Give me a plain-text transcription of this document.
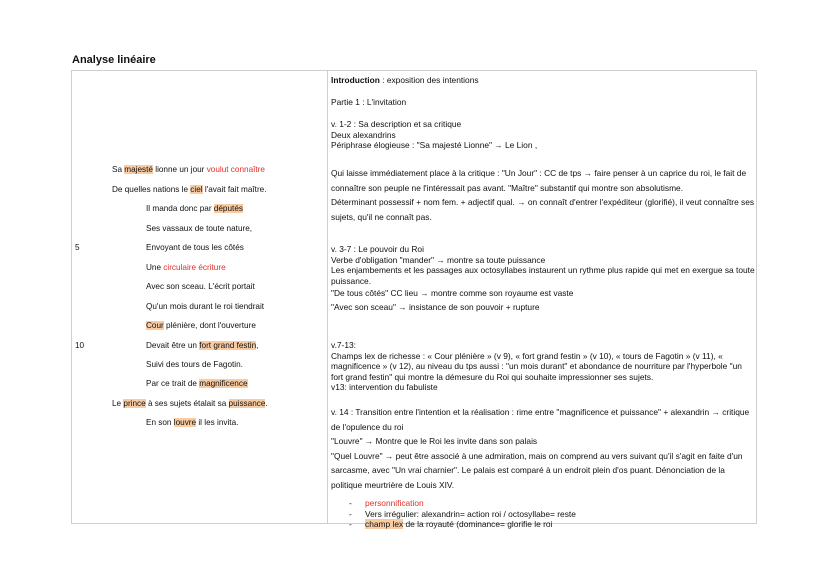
Analyse linéaire
Sa majesté lionne un jour voulut connaître
De quelles nations le ciel l'avait fait maître.
Il manda donc par députés
Ses vassaux de toute nature,
Envoyant de tous les côtés
5
Une circulaire écriture
Avec son sceau. L'écrit portait
Qu'un mois durant le roi tiendrait
Cour plénière, dont l'ouverture
Devait être un fort grand festin,
10
Suivi des tours de Fagotin.
Par ce trait de magnificence
Le prince à ses sujets étalait sa puissance.
En son louvre il les invita.

Introduction : exposition des intentions

Partie 1 : L'invitation

v. 1-2 : Sa description et sa critique

Deux alexandrins

Périphrase élogieuse : "Sa majesté Lionne" → Le Lion ,

Qui laisse immédiatement place à la critique : "Un Jour" : CC de tps → faire penser à un caprice du roi, le fait de connaître son peuple ne l'intéressait pas avant. "Maître" substantif qui montre son absolutisme.

Déterminant possessif + nom fem. + adjectif qual. → on connaît d'entrer l'expéditeur (glorifié), il veut connaître ses sujets, qu'il ne connaît pas.

v. 3-7 : Le pouvoir du Roi

Verbe d'obligation "mander" → montre sa toute puissance

Les enjambements et les passages aux octosyllabes instaurent un rythme plus rapide qui met en exergue sa toute puissance.

"De tous côtés" CC lieu → montre comme son royaume est vaste

"Avec son sceau" → insistance de son pouvoir + rupture

v.7-13:

Champs lex de richesse : « Cour plénière » (v 9), « fort grand festin » (v 10), « tours de Fagotin » (v 11), « magnificence » (v 12), au niveau du tps aussi : "un mois durant" et abondance de nourriture par l'hyperbole "un fort grand festin" qui montre la démesure du Roi qui souhaite impressionner ses sujets.

v13: intervention du fabuliste

v. 14 : Transition entre l'intention et la réalisation : rime entre "magnificence et puissance" + alexandrin → critique de l'opulence du roi

"Louvre" → Montre que le Roi les invite dans son palais

"Quel Louvre" → peut être associé à une admiration, mais on comprend au vers suivant qu'il s'agit en faite d'un sarcasme, avec "Un vrai charnier". Le palais est comparé à un endroit plein d'os puant. Dénonciation de la politique meurtrière de Louis XIV.

- personnification
- Vers irrégulier: alexandrin= action roi / octosyllabe= reste
- champ lex de la royauté (dominance= glorifie le roi
